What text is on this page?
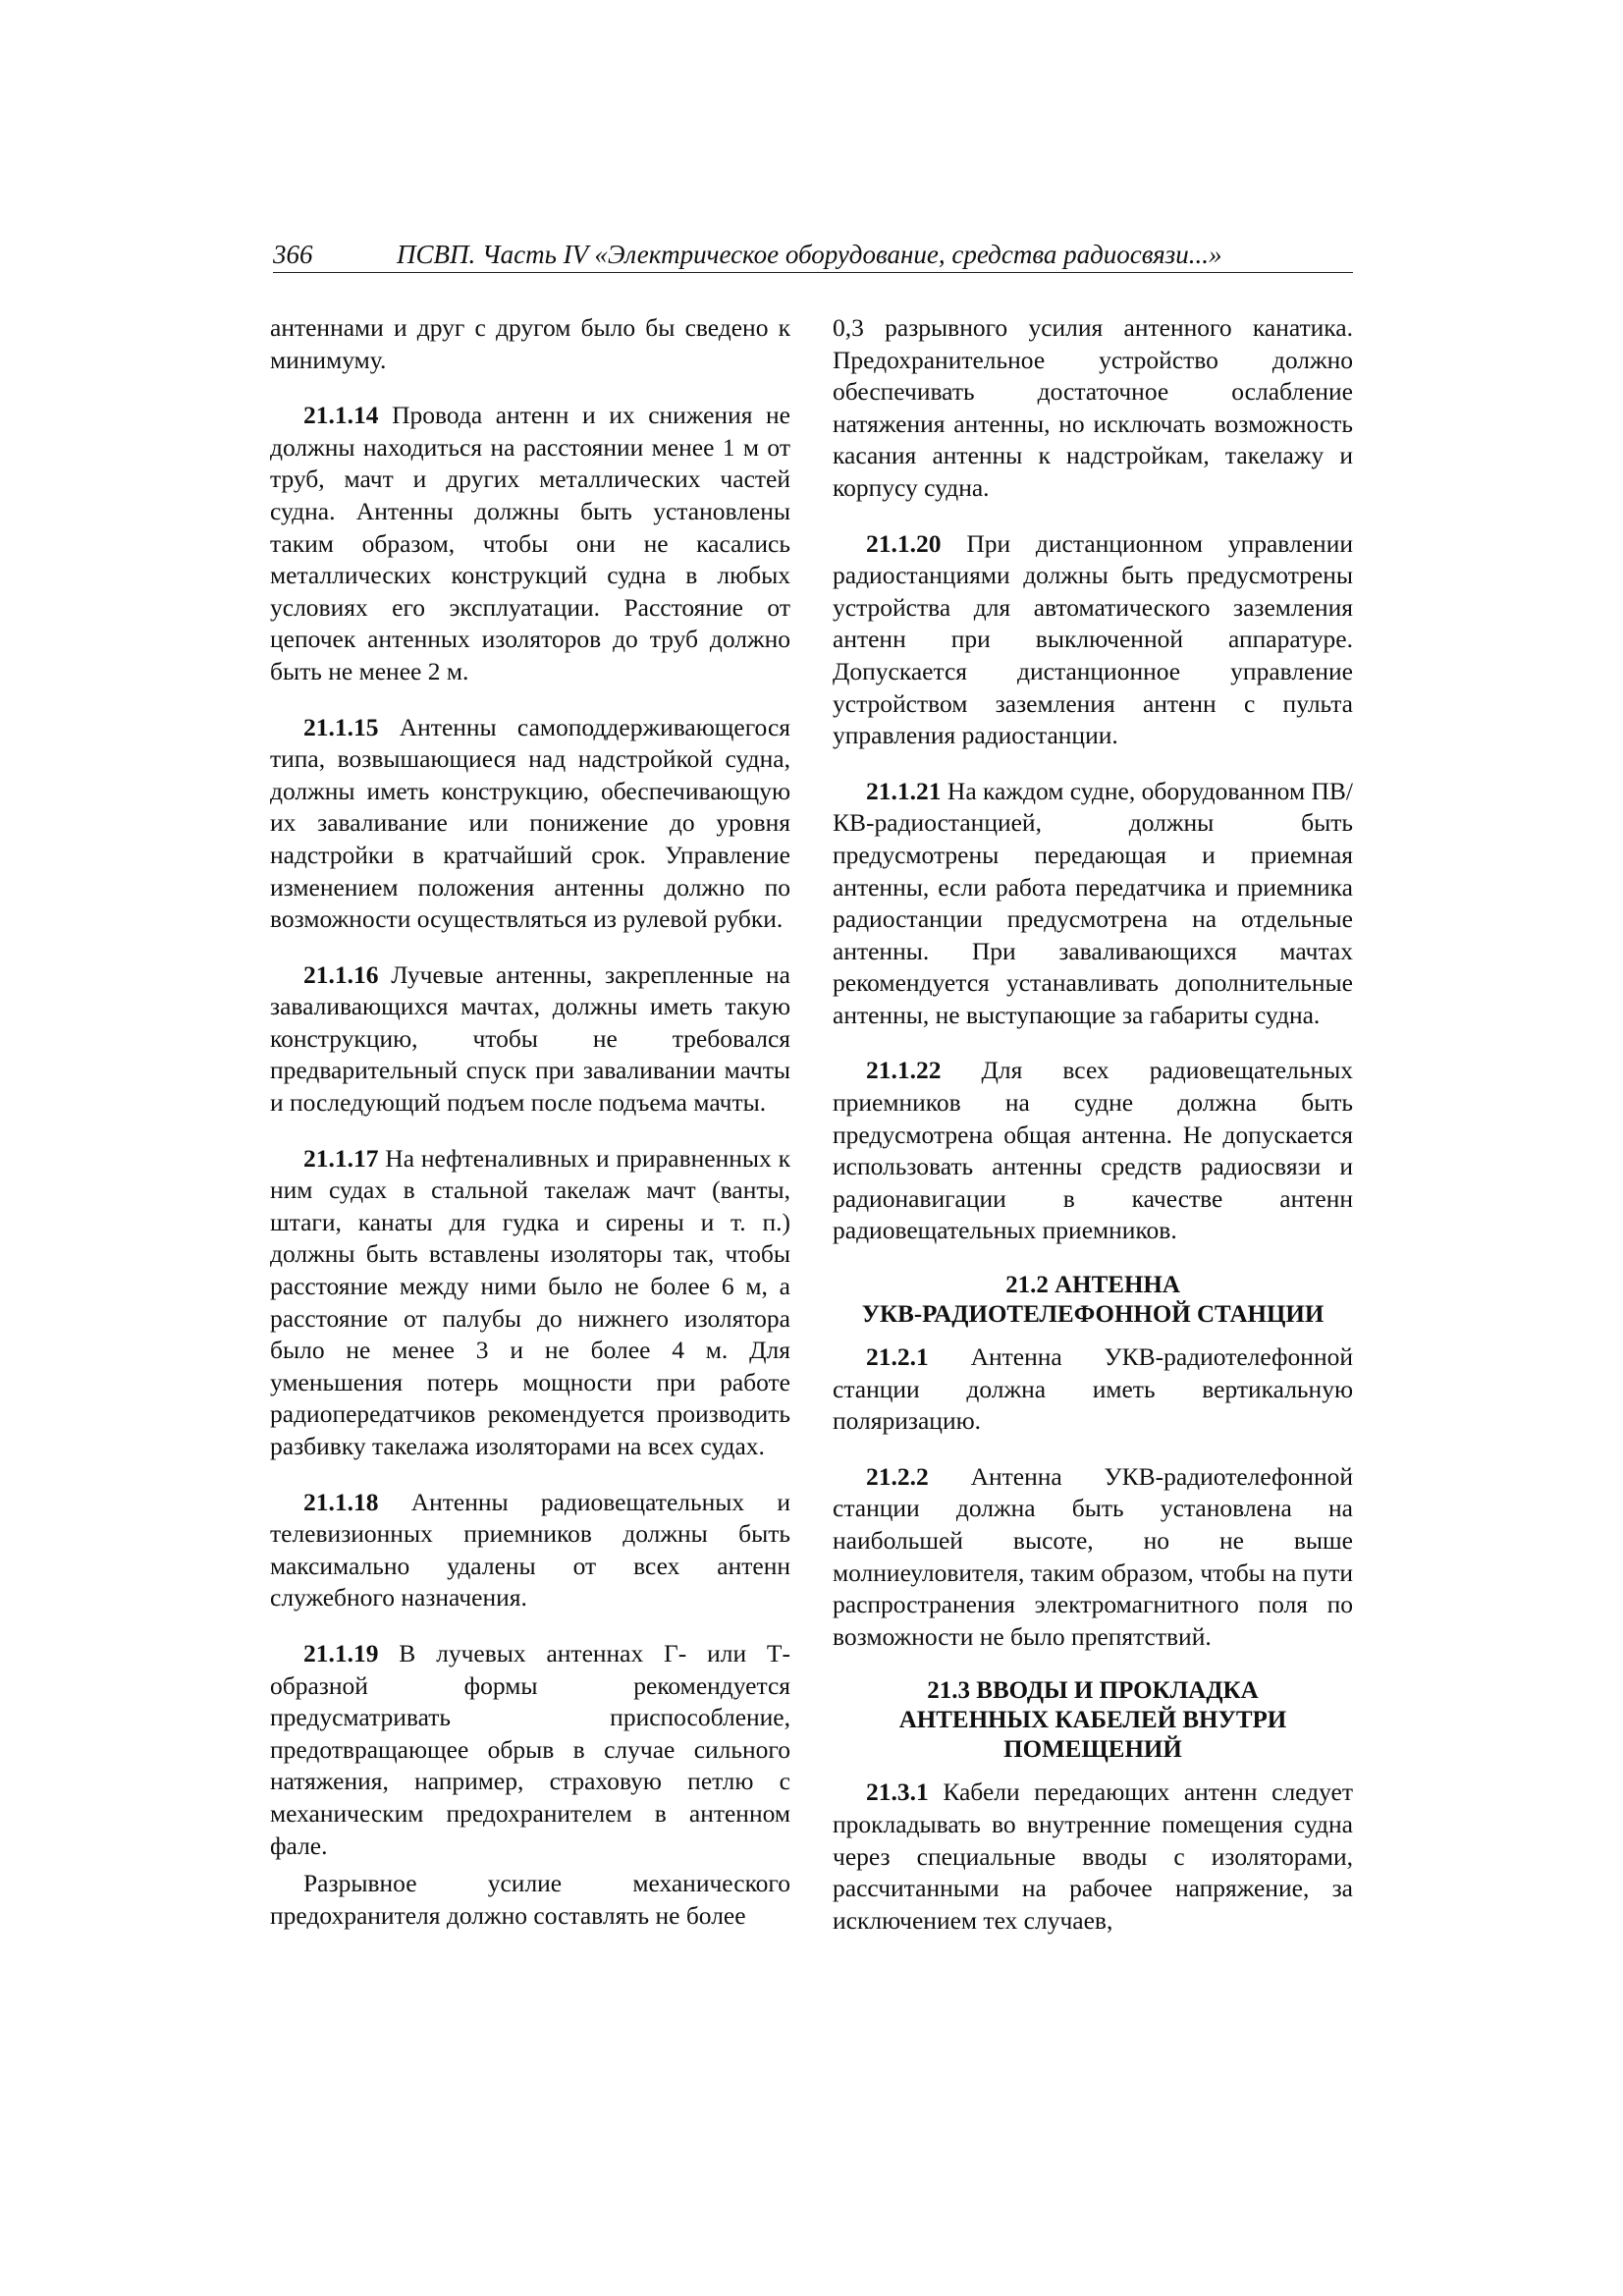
366	ПСВП. Часть IV «Электрическое оборудование, средства радиосвязи...»

антеннами и друг с другом было бы сведено к минимуму.

21.1.14 Провода антенн и их снижения не должны находиться на расстоянии менее 1 м от труб, мачт и других металлических частей судна. Антенны должны быть установлены таким образом, чтобы они не касались металлических конструкций судна в любых условиях его эксплуатации. Расстояние от цепочек антенных изоляторов до труб должно быть не менее 2 м.

21.1.15 Антенны самоподдерживающегося типа, возвышающиеся над надстройкой судна, должны иметь конструкцию, обеспечивающую их заваливание или понижение до уровня надстройки в кратчайший срок. Управление изменением положения антенны должно по возможности осуществляться из рулевой рубки.

21.1.16 Лучевые антенны, закрепленные на заваливающихся мачтах, должны иметь такую конструкцию, чтобы не требовался предварительный спуск при заваливании мачты и последующий подъем после подъема мачты.

21.1.17 На нефтеналивных и приравненных к ним судах в стальной такелаж мачт (ванты, штаги, канаты для гудка и сирены и т. п.) должны быть вставлены изоляторы так, чтобы расстояние между ними было не более 6 м, а расстояние от палубы до нижнего изолятора было не менее 3 и не более 4 м. Для уменьшения потерь мощности при работе радиопередатчиков рекомендуется производить разбивку такелажа изоляторами на всех судах.

21.1.18 Антенны радиовещательных и телевизионных приемников должны быть максимально удалены от всех антенн служебного назначения.

21.1.19 В лучевых антеннах Г- или Т-образной формы рекомендуется предусматривать приспособление, предотвращающее обрыв в случае сильного натяжения, например, страховую петлю с механическим предохранителем в антенном фале.

Разрывное усилие механического предохранителя должно составлять не более

0,3 разрывного усилия антенного канатика. Предохранительное устройство должно обеспечивать достаточное ослабление натяжения антенны, но исключать возможность касания антенны к надстройкам, такелажу и корпусу судна.

21.1.20 При дистанционном управлении радиостанциями должны быть предусмотрены устройства для автоматического заземления антенн при выключенной аппаратуре. Допускается дистанционное управление устройством заземления антенн с пульта управления радиостанции.

21.1.21 На каждом судне, оборудованном ПВ/КВ-радиостанцией, должны быть предусмотрены передающая и приемная антенны, если работа передатчика и приемника радиостанции предусмотрена на отдельные антенны. При заваливающихся мачтах рекомендуется устанавливать дополнительные антенны, не выступающие за габариты судна.

21.1.22 Для всех радиовещательных приемников на судне должна быть предусмотрена общая антенна. Не допускается использовать антенны средств радиосвязи и радионавигации в качестве антенн радиовещательных приемников.

21.2 АНТЕННА
УКВ-РАДИОТЕЛЕФОННОЙ СТАНЦИИ

21.2.1 Антенна УКВ-радиотелефонной станции должна иметь вертикальную поляризацию.

21.2.2 Антенна УКВ-радиотелефонной станции должна быть установлена на наибольшей высоте, но не выше молниеуловителя, таким образом, чтобы на пути распространения электромагнитного поля по возможности не было препятствий.

21.3 ВВОДЫ И ПРОКЛАДКА
АНТЕННЫХ КАБЕЛЕЙ ВНУТРИ
ПОМЕЩЕНИЙ

21.3.1 Кабели передающих антенн следует прокладывать во внутренние помещения судна через специальные вводы с изоляторами, рассчитанными на рабочее напряжение, за исключением тех случаев,
